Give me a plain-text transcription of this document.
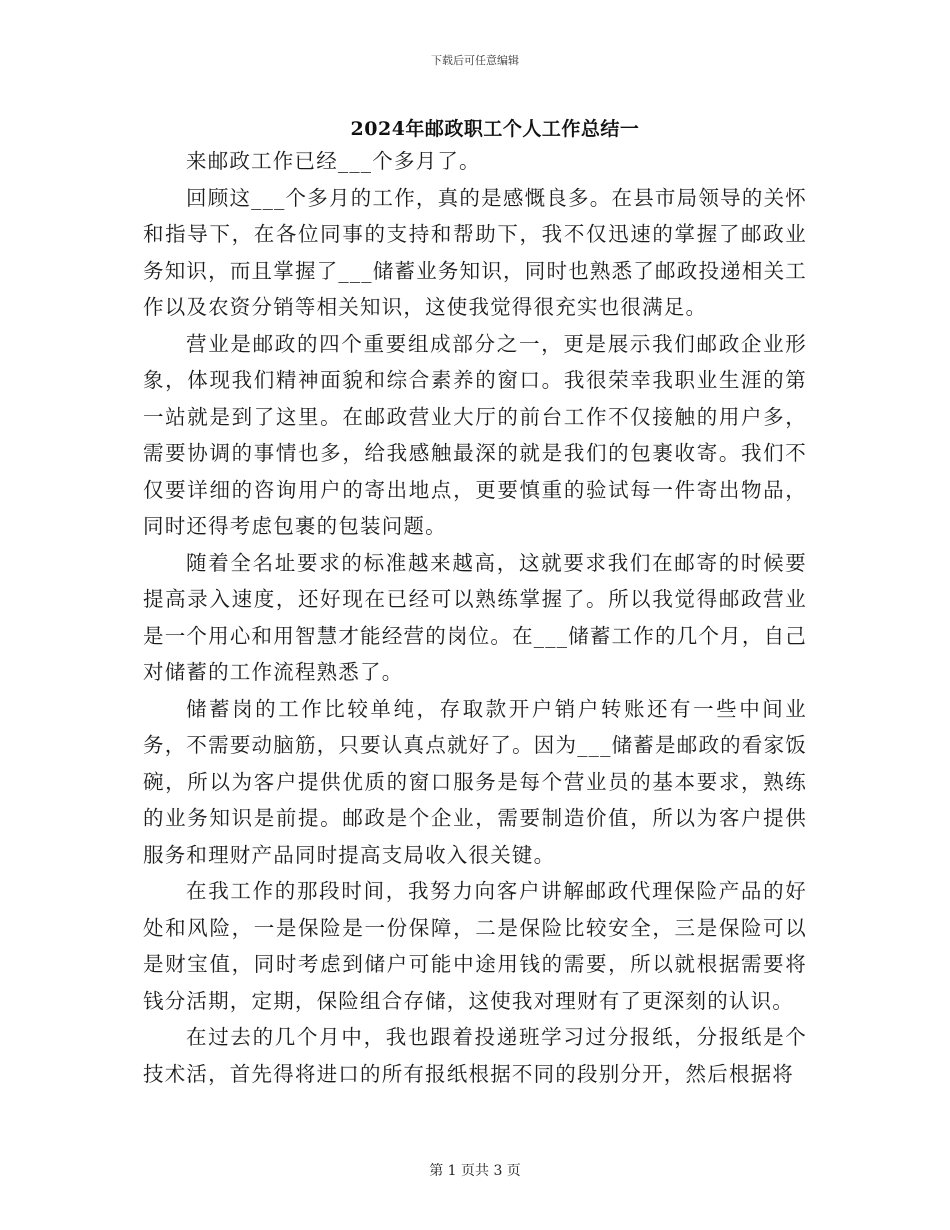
下载后可任意编辑
2024年邮政职工个人工作总结一

来邮政工作已经___个多月了。

回顾这___个多月的工作，真的是感慨良多。在县市局领导的关怀和指导下，在各位同事的支持和帮助下，我不仅迅速的掌握了邮政业务知识，而且掌握了___储蓄业务知识，同时也熟悉了邮政投递相关工作以及农资分销等相关知识，这使我觉得很充实也很满足。

营业是邮政的四个重要组成部分之一，更是展示我们邮政企业形象，体现我们精神面貌和综合素养的窗口。我很荣幸我职业生涯的第一站就是到了这里。在邮政营业大厅的前台工作不仅接触的用户多，需要协调的事情也多，给我感触最深的就是我们的包裹收寄。我们不仅要详细的咨询用户的寄出地点，更要慎重的验试每一件寄出物品，同时还得考虑包裹的包装问题。

随着全名址要求的标准越来越高，这就要求我们在邮寄的时候要提高录入速度，还好现在已经可以熟练掌握了。所以我觉得邮政营业是一个用心和用智慧才能经营的岗位。在___储蓄工作的几个月，自己对储蓄的工作流程熟悉了。

储蓄岗的工作比较单纯，存取款开户销户转账还有一些中间业务，不需要动脑筋，只要认真点就好了。因为___储蓄是邮政的看家饭碗，所以为客户提供优质的窗口服务是每个营业员的基本要求，熟练的业务知识是前提。邮政是个企业，需要制造价值，所以为客户提供服务和理财产品同时提高支局收入很关键。

在我工作的那段时间，我努力向客户讲解邮政代理保险产品的好处和风险，一是保险是一份保障，二是保险比较安全，三是保险可以是财宝值，同时考虑到储户可能中途用钱的需要，所以就根据需要将钱分活期，定期，保险组合存储，这使我对理财有了更深刻的认识。

在过去的几个月中，我也跟着投递班学习过分报纸，分报纸是个技术活，首先得将进口的所有报纸根据不同的段别分开，然后根据将

第 1 页共 3 页
